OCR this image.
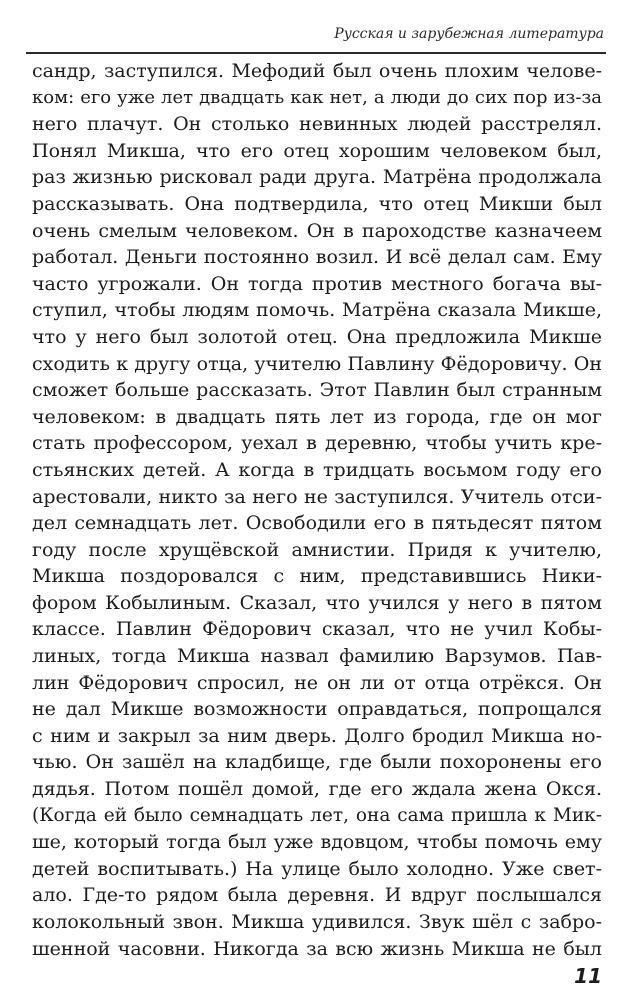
Русская и зарубежная литература
сандр, заступился. Мефодий был очень плохим челове-
ком: его уже лет двадцать как нет, а люди до сих пор из-за
него плачут. Он столько невинных людей расстрелял.
Понял Микша, что его отец хорошим человеком был,
раз жизнью рисковал ради друга. Матрёна продолжала
рассказывать. Она подтвердила, что отец Микши был
очень смелым человеком. Он в пароходстве казначеем
работал. Деньги постоянно возил. И всё делал сам. Ему
часто угрожали. Он тогда против местного богача вы-
ступил, чтобы людям помочь. Матрёна сказала Микше,
что у него был золотой отец. Она предложила Микше
сходить к другу отца, учителю Павлину Фёдоровичу. Он
сможет больше рассказать. Этот Павлин был странным
человеком: в двадцать пять лет из города, где он мог
стать профессором, уехал в деревню, чтобы учить кре-
стьянских детей. А когда в тридцать восьмом году его
арестовали, никто за него не заступился. Учитель отси-
дел семнадцать лет. Освободили его в пятьдесят пятом
году после хрущёвской амнистии. Придя к учителю,
Микша поздоровался с ним, представившись Ники-
фором Кобылиным. Сказал, что учился у него в пятом
классе. Павлин Фёдорович сказал, что не учил Кобы-
линых, тогда Микша назвал фамилию Варзумов. Пав-
лин Фёдорович спросил, не он ли от отца отрёкся. Он
не дал Микше возможности оправдаться, попрощался
с ним и закрыл за ним дверь. Долго бродил Микша но-
чью. Он зашёл на кладбище, где были похоронены его
дядья. Потом пошёл домой, где его ждала жена Окся.
(Когда ей было семнадцать лет, она сама пришла к Мик-
ше, который тогда был уже вдовцом, чтобы помочь ему
детей воспитывать.) На улице было холодно. Уже свет-
ало. Где-то рядом была деревня. И вдруг послышался
колокольный звон. Микша удивился. Звук шёл с забро-
шенной часовни. Никогда за всю жизнь Микша не был
11
